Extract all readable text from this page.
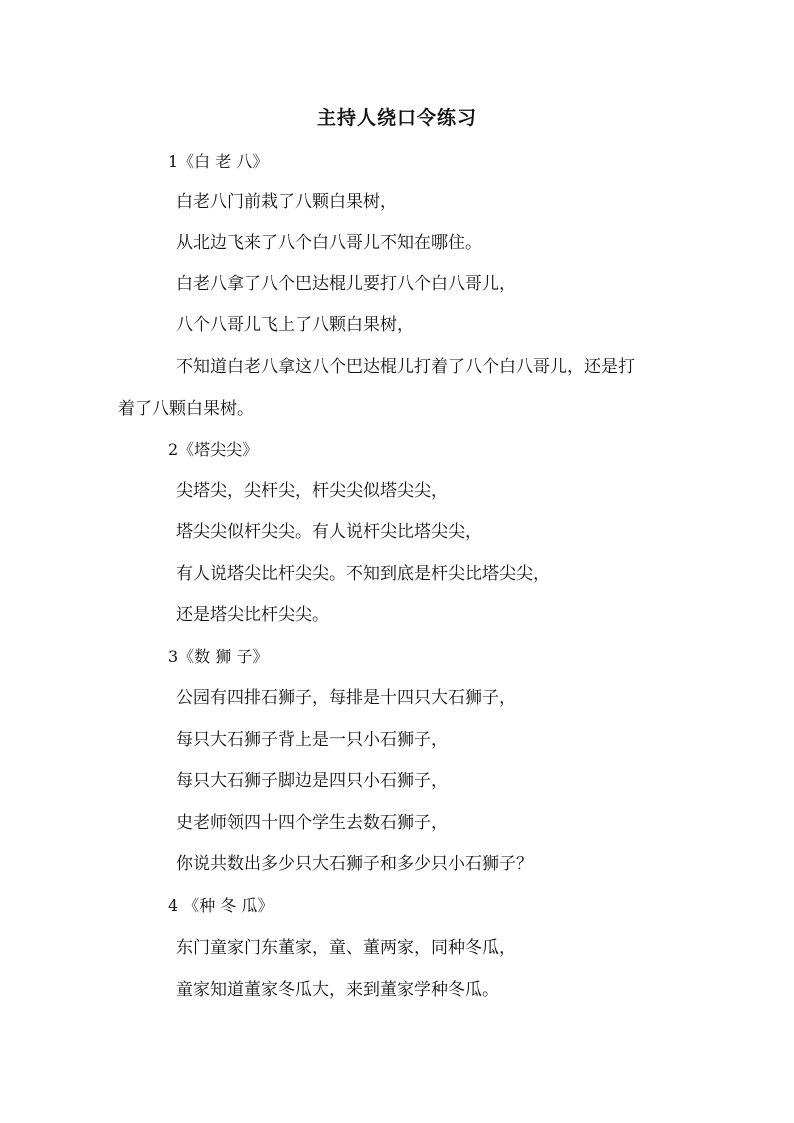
主持人绕口令练习
1《白 老 八》
白老八门前栽了八颗白果树，
从北边飞来了八个白八哥儿不知在哪住。
白老八拿了八个巴达棍儿要打八个白八哥儿，
八个八哥儿飞上了八颗白果树，
不知道白老八拿这八个巴达棍儿打着了八个白八哥儿，还是打
着了八颗白果树。
2《塔尖尖》
尖塔尖，尖杆尖，杆尖尖似塔尖尖，
塔尖尖似杆尖尖。有人说杆尖比塔尖尖，
有人说塔尖比杆尖尖。不知到底是杆尖比塔尖尖，
还是塔尖比杆尖尖。
3《数 狮 子》
公园有四排石狮子，每排是十四只大石狮子，
每只大石狮子背上是一只小石狮子，
每只大石狮子脚边是四只小石狮子，
史老师领四十四个学生去数石狮子，
你说共数出多少只大石狮子和多少只小石狮子？
4 《种 冬 瓜》
东门童家门东董家，童、董两家，同种冬瓜，
童家知道董家冬瓜大，来到董家学种冬瓜。
